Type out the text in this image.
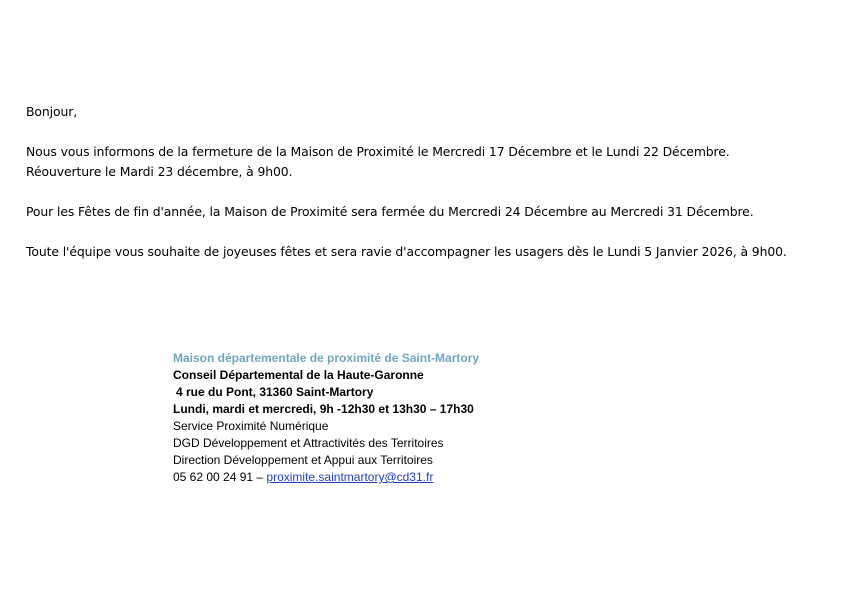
Bonjour,

Nous vous informons de la fermeture de la Maison de Proximité le Mercredi 17 Décembre et le Lundi 22 Décembre.

Réouverture le Mardi 23 décembre, à 9h00.

Pour les Fêtes de fin d'année, la Maison de Proximité sera fermée du Mercredi 24 Décembre au Mercredi 31 Décembre.

Toute l'équipe vous souhaite de joyeuses fêtes et sera ravie d'accompagner les usagers dès le Lundi 5 Janvier 2026, à 9h00.

Maison départementale de proximité de Saint-Martory
Conseil Départemental de la Haute-Garonne
4 rue du Pont, 31360 Saint-Martory
Lundi, mardi et mercredi, 9h -12h30 et 13h30 – 17h30
Service Proximité Numérique
DGD Développement et Attractivités des Territoires
Direction Développement et Appui aux Territoires
05 62 00 24 91 – proximite.saintmartory@cd31.fr
